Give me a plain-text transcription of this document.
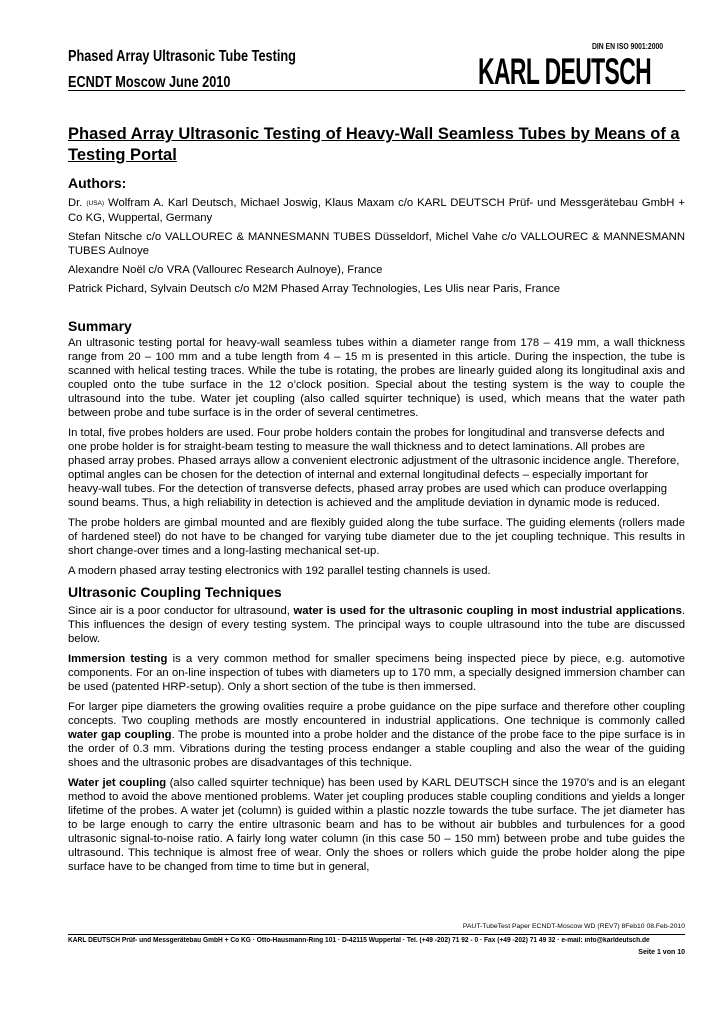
Phased Array Ultrasonic Tube Testing
ECNDT Moscow June 2010
DIN EN ISO 9001:2000
KARL DEUTSCH
Phased Array Ultrasonic Testing of Heavy-Wall Seamless Tubes by Means of a Testing Portal
Authors:

Dr. (USA) Wolfram A. Karl Deutsch, Michael Joswig, Klaus Maxam c/o KARL DEUTSCH Prüf- und Messgerätebau GmbH + Co KG, Wuppertal, Germany

Stefan Nitsche c/o VALLOUREC & MANNESMANN TUBES Düsseldorf, Michel Vahe c/o VALLOUREC & MANNESMANN TUBES Aulnoye

Alexandre Noël c/o VRA (Vallourec Research Aulnoye), France

Patrick Pichard, Sylvain Deutsch c/o M2M Phased Array Technologies, Les Ulis near Paris, France

Summary

An ultrasonic testing portal for heavy-wall seamless tubes within a diameter range from 178 – 419 mm, a wall thickness range from 20 – 100 mm and a tube length from 4 – 15 m is presented in this article. During the inspection, the tube is scanned with helical testing traces. While the tube is rotating, the probes are linearly guided along its longitudinal axis and coupled onto the tube surface in the 12 o’clock position. Special about the testing system is the way to couple the ultrasound into the tube. Water jet coupling (also called squirter technique) is used, which means that the water path between probe and tube surface is in the order of several centimetres.

In total, five probes holders are used. Four probe holders contain the probes for longitudinal and transverse defects and one probe holder is for straight-beam testing to measure the wall thickness and to detect laminations. All probes are phased array probes. Phased arrays allow a convenient electronic adjustment of the ultrasonic incidence angle. Therefore, optimal angles can be chosen for the detection of internal and external longitudinal defects – especially important for heavy-wall tubes. For the detection of transverse defects, phased array probes are used which can produce overlapping sound beams. Thus, a high reliability in detection is achieved and the amplitude deviation in dynamic mode is reduced.

The probe holders are gimbal mounted and are flexibly guided along the tube surface. The guiding elements (rollers made of hardened steel) do not have to be changed for varying tube diameter due to the jet coupling technique. This results in short change-over times and a long-lasting mechanical set-up.

A modern phased array testing electronics with 192 parallel testing channels is used.

Ultrasonic Coupling Techniques

Since air is a poor conductor for ultrasound, water is used for the ultrasonic coupling in most industrial applications. This influences the design of every testing system. The principal ways to couple ultrasound into the tube are discussed below.

Immersion testing is a very common method for smaller specimens being inspected piece by piece, e.g. automotive components. For an on-line inspection of tubes with diameters up to 170 mm, a specially designed immersion chamber can be used (patented HRP-setup). Only a short section of the tube is then immersed.

For larger pipe diameters the growing ovalities require a probe guidance on the pipe surface and therefore other coupling concepts. Two coupling methods are mostly encountered in industrial applications. One technique is commonly called water gap coupling. The probe is mounted into a probe holder and the distance of the probe face to the pipe surface is in the order of 0.3 mm. Vibrations during the testing process endanger a stable coupling and also the wear of the guiding shoes and the ultrasonic probes are disadvantages of this technique.

Water jet coupling (also called squirter technique) has been used by KARL DEUTSCH since the 1970’s and is an elegant method to avoid the above mentioned problems. Water jet coupling produces stable coupling conditions and yields a longer lifetime of the probes. A water jet (column) is guided within a plastic nozzle towards the tube surface. The jet diameter has to be large enough to carry the entire ultrasonic beam and has to be without air bubbles and turbulences for a good ultrasonic signal-to-noise ratio. A fairly long water column (in this case 50 – 150 mm) between probe and tube guides the ultrasound. This technique is almost free of wear. Only the shoes or rollers which guide the probe holder along the pipe surface have to be changed from time to time but in general,

PAUT-TubeTest Paper ECNDT-Moscow WD (REV7) 8Feb10 08.Feb-2010
KARL DEUTSCH Prüf- und Messgerätebau GmbH + Co KG · Otto-Hausmann-Ring 101 · D-42115 Wuppertal · Tel. (+49 -202) 71 92 - 0 · Fax (+49 -202) 71 49 32 · e-mail: info@karldeutsch.de
Seite 1 von 10
